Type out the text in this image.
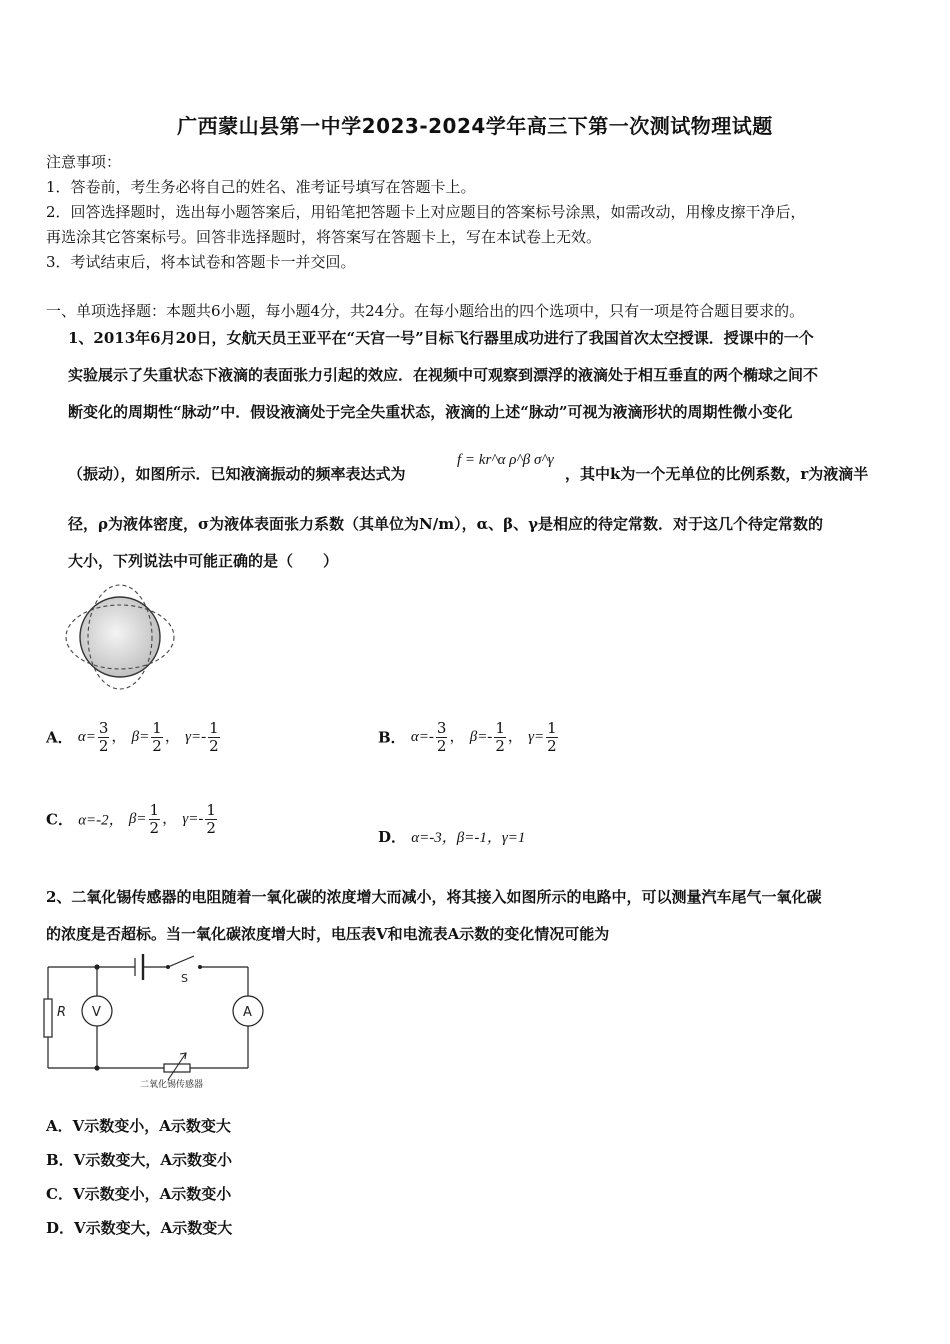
广西蒙山县第一中学2023-2024学年高三下第一次测试物理试题
注意事项：
1．答卷前，考生务必将自己的姓名、准考证号填写在答题卡上。
2．回答选择题时，选出每小题答案后，用铅笔把答题卡上对应题目的答案标号涂黑，如需改动，用橡皮擦干净后，
再选涂其它答案标号。回答非选择题时，将答案写在答题卡上，写在本试卷上无效。
3．考试结束后，将本试卷和答题卡一并交回。
一、单项选择题：本题共6小题，每小题4分，共24分。在每小题给出的四个选项中，只有一项是符合题目要求的。
1、2013年6月20日，女航天员王亚平在“天宫一号”目标飞行器里成功进行了我国首次太空授课．授课中的一个
实验展示了失重状态下液滴的表面张力引起的效应．在视频中可观察到漂浮的液滴处于相互垂直的两个椭球之间不
断变化的周期性“脉动”中．假设液滴处于完全失重状态，液滴的上述“脉动”可视为液滴形状的周期性微小变化
（振动），如图所示．已知液滴振动的频率表达式为
f = kr^α ρ^β σ^γ
，其中k为一个无单位的比例系数，r为液滴半
径，ρ为液体密度，σ为液体表面张力系数（其单位为N/m），α、β、γ是相应的待定常数．对于这几个待定常数的
大小，下列说法中可能正确的是（　　）
A． $\alpha= \frac{3}{2}$ ， $\beta= \frac{1}{2}$ ， $\gamma=- \frac{1}{2}$	B． $\alpha=- \frac{3}{2}$ ， $\beta=- \frac{1}{2}$ ， $\gamma= \frac{1}{2}$
C． α=-2， $\beta= \frac{1}{2}$ ， $\gamma=- \frac{1}{2}$
D． α=-3，β=-1，γ=1
2、二氧化锡传感器的电阻随着一氧化碳的浓度增大而减小，将其接入如图所示的电路中，可以测量汽车尾气一氧化碳
的浓度是否超标。当一氧化碳浓度增大时，电压表V和电流表A示数的变化情况可能为
R V	A
S
二氧化锡传感器
A．V示数变小，A示数变大
B．V示数变大，A示数变小
C．V示数变小，A示数变小
D．V示数变大，A示数变大
